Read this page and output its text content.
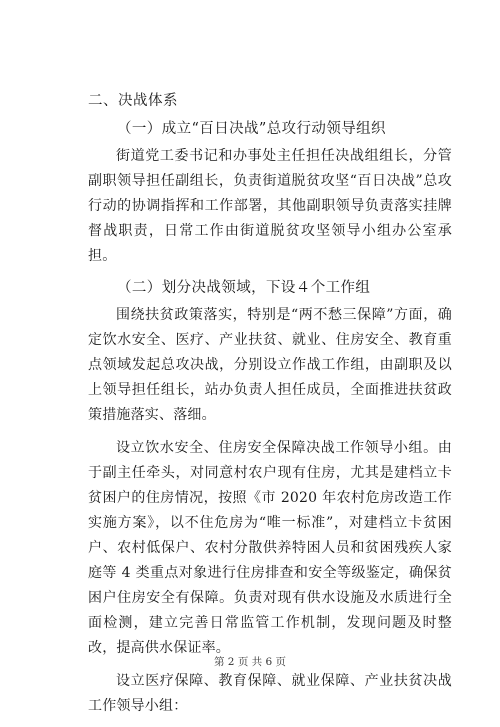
二、决战体系

（一）成立“百日决战”总攻行动领导组织

街道党工委书记和办事处主任担任决战组组长，分管副职领导担任副组长，负责街道脱贫攻坚“百日决战”总攻行动的协调指挥和工作部署，其他副职领导负责落实挂牌督战职责，日常工作由街道脱贫攻坚领导小组办公室承担。

（二）划分决战领域，下设４个工作组

围绕扶贫政策落实，特别是“两不愁三保障”方面，确定饮水安全、医疗、产业扶贫、就业、住房安全、教育重点领域发起总攻决战，分别设立作战工作组，由副职及以上领导担任组长，站办负责人担任成员，全面推进扶贫政策措施落实、落细。

设立饮水安全、住房安全保障决战工作领导小组。由于副主任牵头，对同意村农户现有住房，尤其是建档立卡贫困户的住房情况，按照《市 2020 年农村危房改造工作实施方案》，以不住危房为“唯一标准”，对建档立卡贫困户、农村低保户、农村分散供养特困人员和贫困残疾人家庭等 4 类重点对象进行住房排查和安全等级鉴定，确保贫困户住房安全有保障。负责对现有供水设施及水质进行全面检测，建立完善日常监管工作机制，发现问题及时整改，提高供水保证率。

设立医疗保障、教育保障、就业保障、产业扶贫决战工作领导小组：

第 2 页 共 6 页
